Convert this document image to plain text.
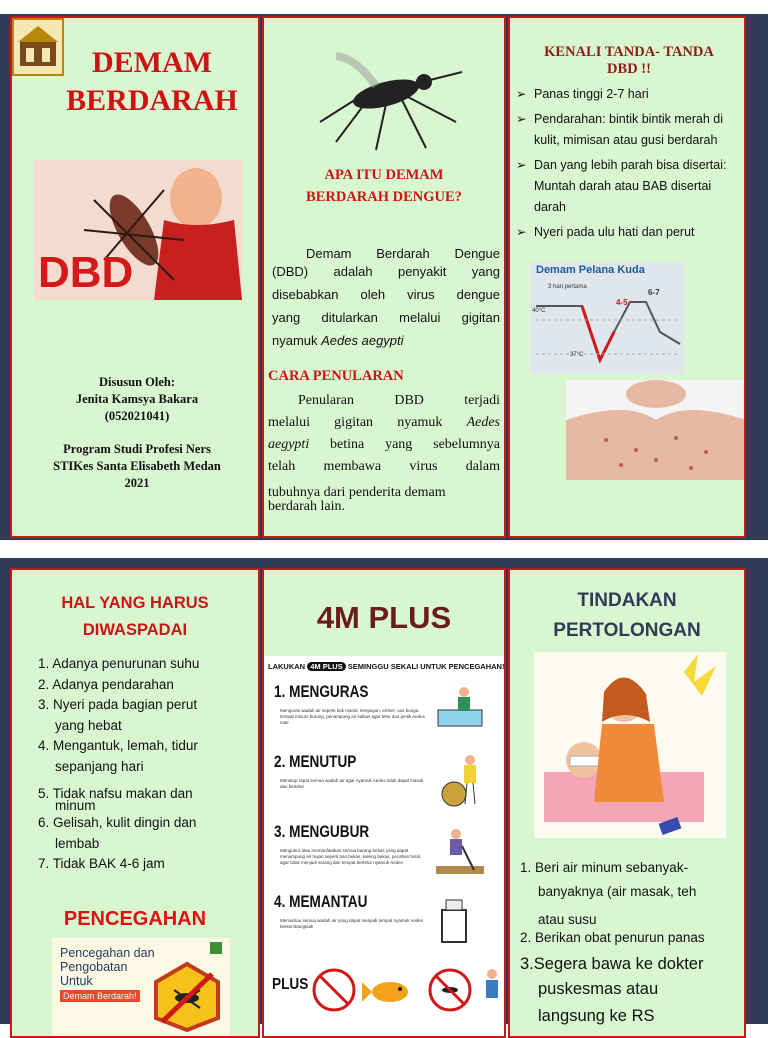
DEMAM
BERDARAH
DBD
Disusun Oleh:
Jenita Kamsya Bakara
(052021041)
Program Studi Profesi Ners
STIKes Santa Elisabeth Medan
2021
APA ITU DEMAM
BERDARAH DENGUE?
Demam Berdarah Dengue
(DBD) adalah penyakit yang
disebabkan oleh virus dengue
yang ditularkan melalui gigitan
nyamuk Aedes aegypti
CARA PENULARAN
Penularan DBD terjadi
melalui gigitan nyamuk Aedes
aegypti betina yang sebelumnya
telah membawa virus dalam
tubuhnya dari penderita demam
berdarah lain.
KENALI TANDA- TANDA
DBD !!
➢ Panas tinggi 2-7 hari
➢ Pendarahan: bintik bintik merah di kulit, mimisan atau gusi berdarah
➢ Dan yang lebih parah bisa disertai: Muntah darah atau BAB disertai darah
➢ Nyeri pada ulu hati dan perut
Demam Pelana Kuda
3 hari pertama
4-5
6-7
40°C
37°C
HAL YANG HARUS
DIWASPADAI
1. Adanya penurunan suhu
2. Adanya pendarahan
3. Nyeri pada bagian perut
yang hebat
4. Mengantuk, lemah, tidur
sepanjang hari
5. Tidak nafsu makan dan
minum
6. Gelisah, kulit dingin dan
lembab
7. Tidak BAK 4-6 jam
PENCEGAHAN
Pencegahan dan
Pengobatan
Untuk
Demam Berdarah!
4M PLUS
LAKUKAN 4M PLUS SEMINGGU SEKALI UNTUK PENCEGAHAN!
1. MENGURAS
Menguras wadah air seperti bak mandi, tempayan, ember, vas bunga, tempat minum burung, penampung air kulkas agar telur dan jentik Aedes mati
2. MENUTUP
Menutup rapat semua wadah air agar nyamuk Aedes tidak dapat masuk dan bertelur
3. MENGUBUR
Mengubur atau memanfaatkan semua barang bekas yang dapat menampung air hujan seperti ban bekas, kaleng bekas, pecahan botol, agar tidak menjadi sarang dan tempat bertelur nyamuk Aedes
4. MEMANTAU
Memantau semua wadah air yang dapat menjadi tempat nyamuk Aedes berkembangbiak
PLUS
TINDAKAN
PERTOLONGAN
1. Beri air minum sebanyak-
banyaknya (air masak, teh
atau susu
2. Berikan obat penurun panas
3.Segera bawa ke dokter
puskesmas atau
langsung ke RS
